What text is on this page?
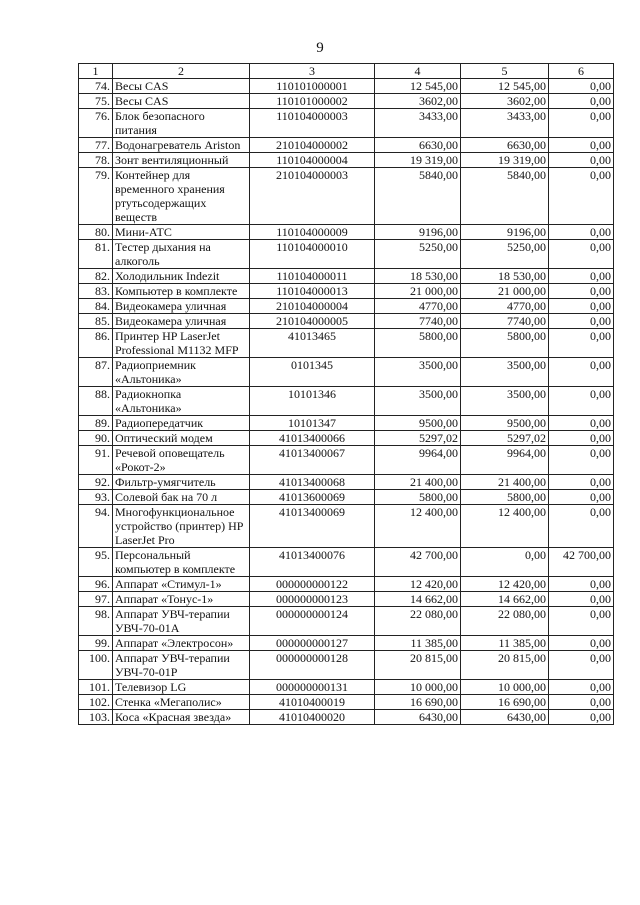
9
1	2	3	4	5	6
74.	Весы CAS	110101000001	12 545,00	12 545,00	0,00
75.	Весы CAS	110101000002	3602,00	3602,00	0,00
76.	Блок безопасного питания	110104000003	3433,00	3433,00	0,00
77.	Водонагреватель Ariston	210104000002	6630,00	6630,00	0,00
78.	Зонт вентиляционный	110104000004	19 319,00	19 319,00	0,00
79.	Контейнер для временного хранения ртутьсодержащих веществ	210104000003	5840,00	5840,00	0,00
80.	Мини-АТС	110104000009	9196,00	9196,00	0,00
81.	Тестер дыхания на алкоголь	110104000010	5250,00	5250,00	0,00
82.	Холодильник Indezit	110104000011	18 530,00	18 530,00	0,00
83.	Компьютер в комплекте	110104000013	21 000,00	21 000,00	0,00
84.	Видеокамера уличная	210104000004	4770,00	4770,00	0,00
85.	Видеокамера уличная	210104000005	7740,00	7740,00	0,00
86.	Принтер HP LaserJet Professional M1132 MFP	41013465	5800,00	5800,00	0,00
87.	Радиоприемник «Альтоника»	0101345	3500,00	3500,00	0,00
88.	Радиокнопка «Альтоника»	10101346	3500,00	3500,00	0,00
89.	Радиопередатчик	10101347	9500,00	9500,00	0,00
90.	Оптический модем	41013400066	5297,02	5297,02	0,00
91.	Речевой оповещатель «Рокот-2»	41013400067	9964,00	9964,00	0,00
92.	Фильтр-умягчитель	41013400068	21 400,00	21 400,00	0,00
93.	Солевой бак на 70 л	41013600069	5800,00	5800,00	0,00
94.	Многофункциональное устройство (принтер) HP LaserJet Pro	41013400069	12 400,00	12 400,00	0,00
95.	Персональный компьютер в комплекте	41013400076	42 700,00	0,00	42 700,00
96.	Аппарат «Стимул-1»	000000000122	12 420,00	12 420,00	0,00
97.	Аппарат «Тонус-1»	000000000123	14 662,00	14 662,00	0,00
98.	Аппарат УВЧ-терапии УВЧ-70-01А	000000000124	22 080,00	22 080,00	0,00
99.	Аппарат «Электросон»	000000000127	11 385,00	11 385,00	0,00
100.	Аппарат УВЧ-терапии УВЧ-70-01Р	000000000128	20 815,00	20 815,00	0,00
101.	Телевизор LG	000000000131	10 000,00	10 000,00	0,00
102.	Стенка «Мегаполис»	41010400019	16 690,00	16 690,00	0,00
103.	Коса «Красная звезда»	41010400020	6430,00	6430,00	0,00
